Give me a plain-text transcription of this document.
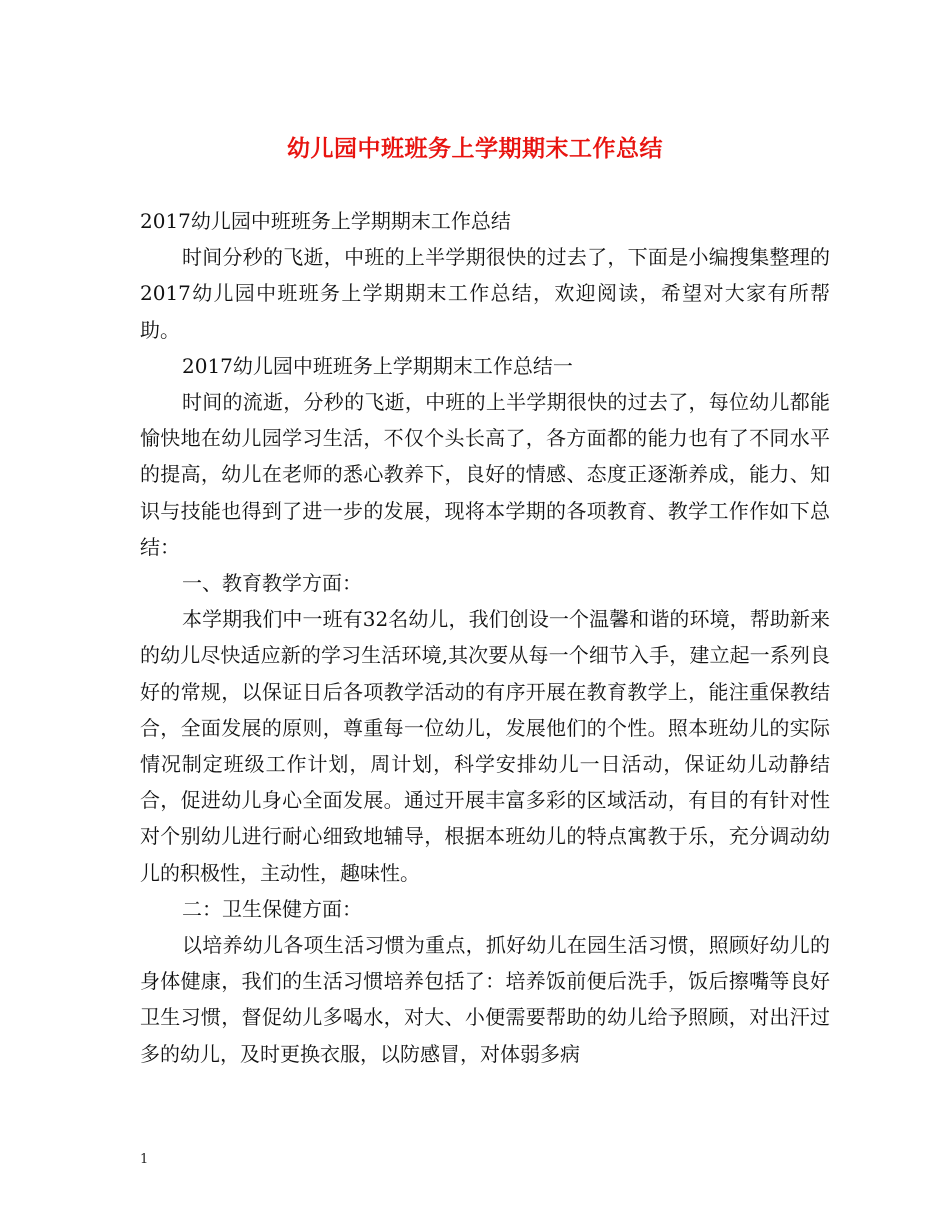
幼儿园中班班务上学期期末工作总结

2017幼儿园中班班务上学期期末工作总结

时间分秒的飞逝，中班的上半学期很快的过去了，下面是小编搜集整理的2017幼儿园中班班务上学期期末工作总结，欢迎阅读，希望对大家有所帮助。

2017幼儿园中班班务上学期期末工作总结一

时间的流逝，分秒的飞逝，中班的上半学期很快的过去了，每位幼儿都能愉快地在幼儿园学习生活，不仅个头长高了，各方面都的能力也有了不同水平的提高，幼儿在老师的悉心教养下，良好的情感、态度正逐渐养成，能力、知识与技能也得到了进一步的发展，现将本学期的各项教育、教学工作作如下总结：

一、教育教学方面：

本学期我们中一班有32名幼儿，我们创设一个温馨和谐的环境，帮助新来的幼儿尽快适应新的学习生活环境,其次要从每一个细节入手，建立起一系列良好的常规，以保证日后各项教学活动的有序开展在教育教学上，能注重保教结合，全面发展的原则，尊重每一位幼儿，发展他们的个性。照本班幼儿的实际情况制定班级工作计划，周计划，科学安排幼儿一日活动，保证幼儿动静结合，促进幼儿身心全面发展。通过开展丰富多彩的区域活动，有目的有针对性对个别幼儿进行耐心细致地辅导，根据本班幼儿的特点寓教于乐，充分调动幼儿的积极性，主动性，趣味性。

二：卫生保健方面：

以培养幼儿各项生活习惯为重点，抓好幼儿在园生活习惯，照顾好幼儿的身体健康，我们的生活习惯培养包括了：培养饭前便后洗手，饭后擦嘴等良好卫生习惯，督促幼儿多喝水，对大、小便需要帮助的幼儿给予照顾，对出汗过多的幼儿，及时更换衣服，以防感冒，对体弱多病

1
